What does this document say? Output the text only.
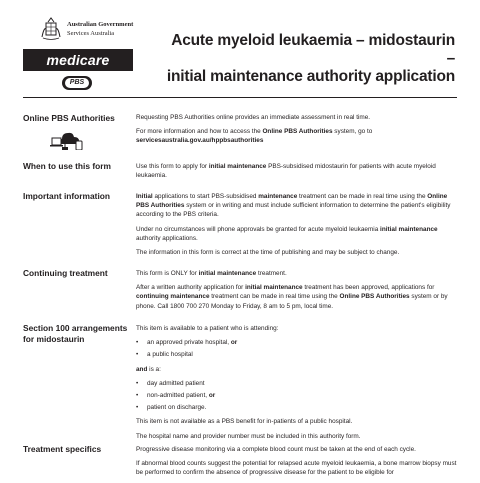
Australian Government
Services Australia
medicare
PBS
Acute myeloid leukaemia – midostaurin –
initial maintenance authority application
Online PBS Authorities	Requesting PBS Authorities online provides an immediate assessment in real time.

For more information and how to access the Online PBS Authorities system, go to
servicesaustralia.gov.au/hppbsauthorities

When to use this form	Use this form to apply for initial maintenance PBS-subsidised midostaurin for patients with acute myeloid leukaemia.

Important information	Initial applications to start PBS-subsidised maintenance treatment can be made in real time using the Online PBS Authorities system or in writing and must include sufficient information to determine the patient's eligibility according to the PBS criteria.

Under no circumstances will phone approvals be granted for acute myeloid leukaemia initial maintenance authority applications.

The information in this form is correct at the time of publishing and may be subject to change.

Continuing treatment	This form is ONLY for initial maintenance treatment.

After a written authority application for initial maintenance treatment has been approved, applications for continuing maintenance treatment can be made in real time using the Online PBS Authorities system or by phone. Call 1800 700 270 Monday to Friday, 8 am to 5 pm, local time.

Section 100 arrangements for midostaurin

This item is available to a patient who is attending:

• an approved private hospital, or
• a public hospital

and is a:

• day admitted patient
• non-admitted patient, or
• patient on discharge.

This item is not available as a PBS benefit for in-patients of a public hospital.

The hospital name and provider number must be included in this authority form.

Treatment specifics	Progressive disease monitoring via a complete blood count must be taken at the end of each cycle.

If abnormal blood counts suggest the potential for relapsed acute myeloid leukaemia, a bone marrow biopsy must be performed to confirm the absence of progressive disease for the patient to be eligible for
